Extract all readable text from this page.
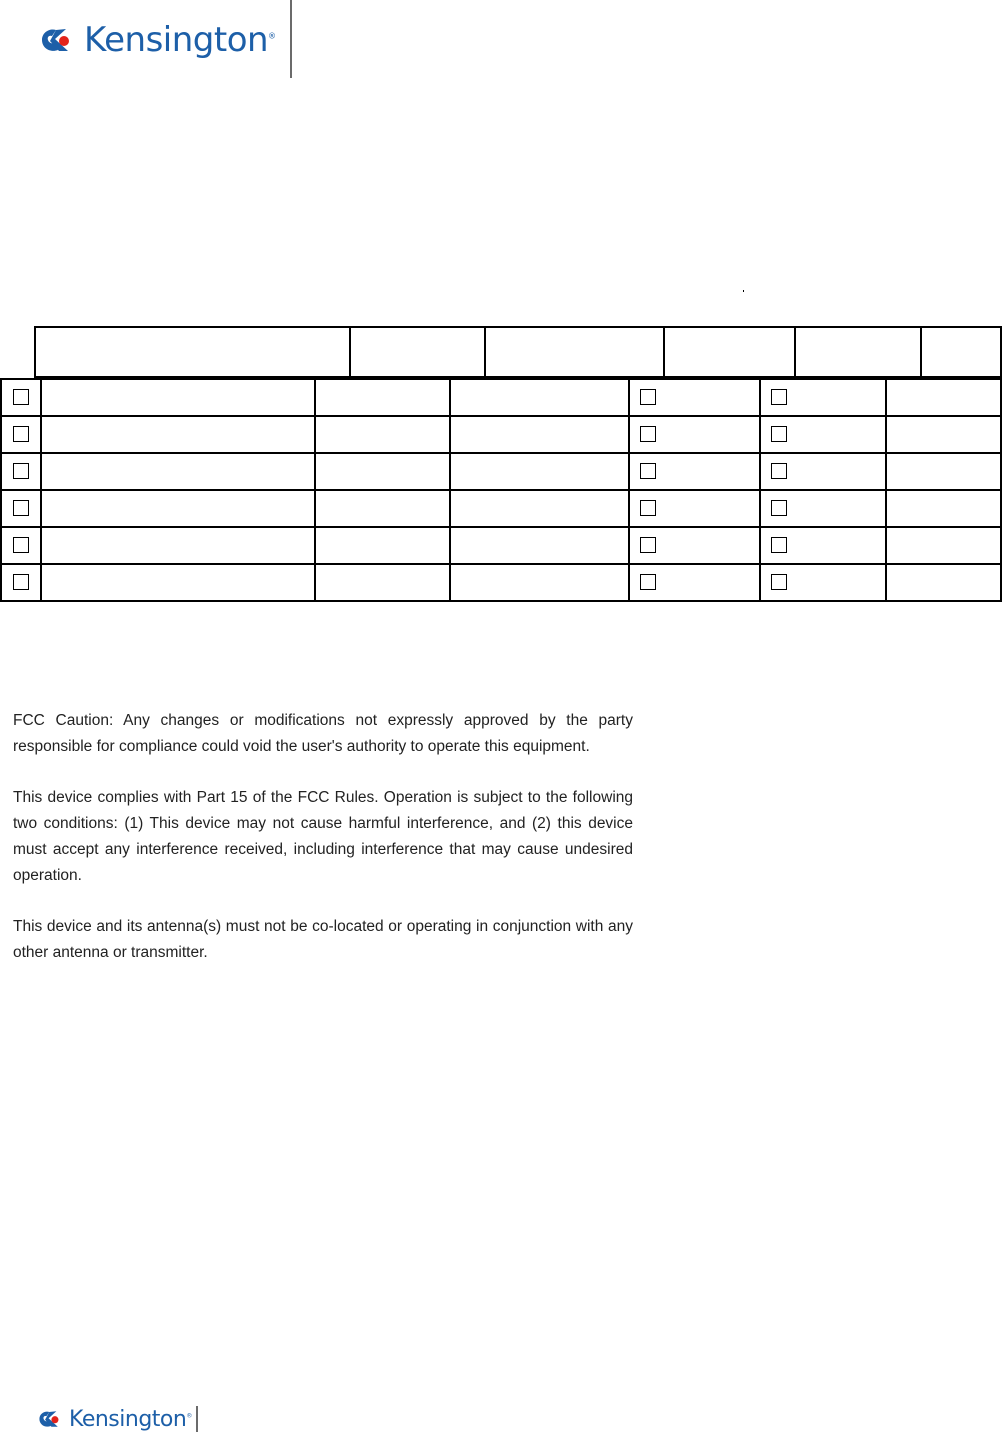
Kensington®

FCC Caution: Any changes or modifications not expressly approved by the party responsible for compliance could void the user's authority to operate this equipment.

This device complies with Part 15 of the FCC Rules. Operation is subject to the following two conditions: (1) This device may not cause harmful interference, and (2) this device must accept any interference received, including interference that may cause undesired operation.

This device and its antenna(s) must not be co-located or operating in conjunction with any other antenna or transmitter.

Kensington®
